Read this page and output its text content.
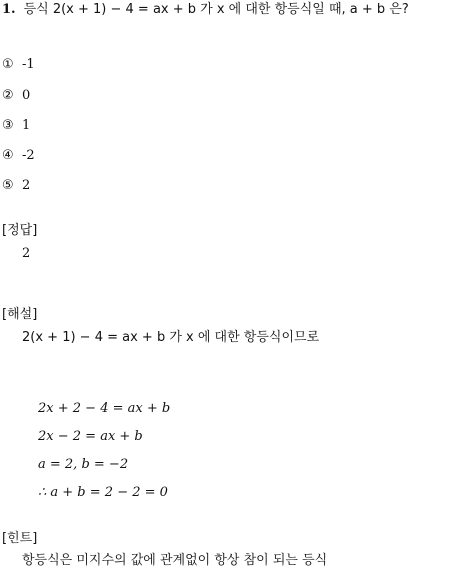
1. 등식 2(x + 1) − 4 = ax + b 가 x 에 대한 항등식일 때, a + b 은?
① -1
② 0
③ 1
④ -2
⑤ 2
[정답]
2
[해설]
2(x + 1) − 4 = ax + b 가 x 에 대한 항등식이므로
2x + 2 − 4 = ax + b
2x − 2 = ax + b
a = 2, b = −2
∴ a + b = 2 − 2 = 0
[힌트]
항등식은 미지수의 값에 관계없이 항상 참이 되는 등식
